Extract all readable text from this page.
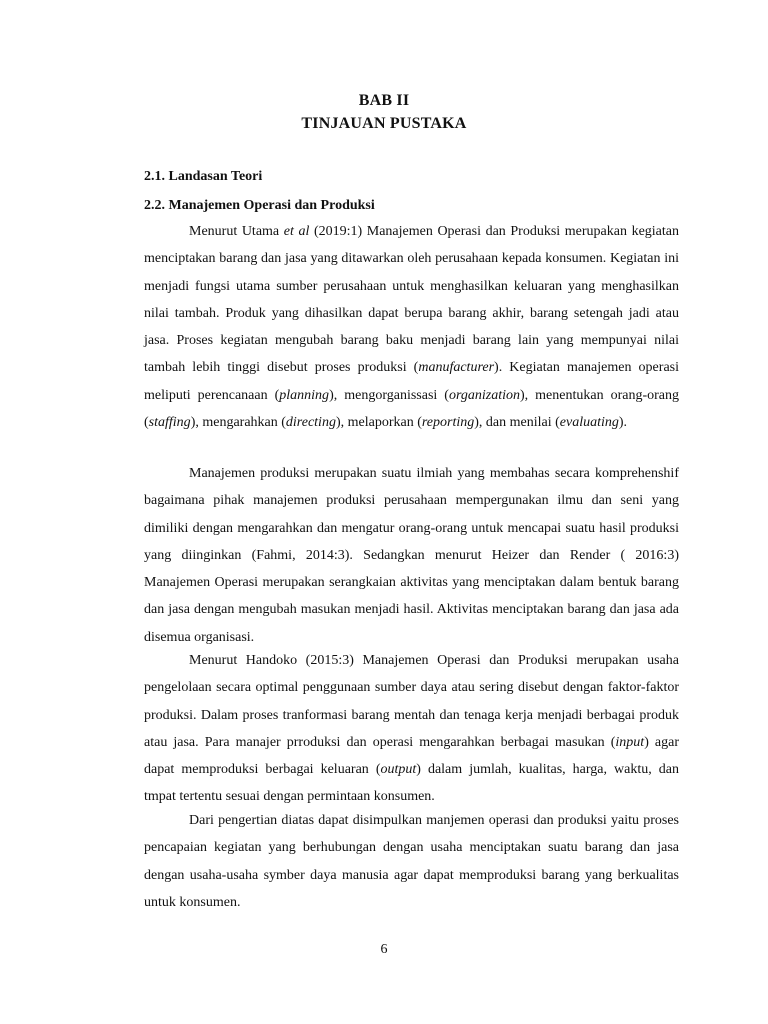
BAB II
TINJAUAN PUSTAKA
2.1. Landasan Teori
2.2. Manajemen Operasi dan Produksi

Menurut Utama et al (2019:1) Manajemen Operasi dan Produksi merupakan kegiatan menciptakan barang dan jasa yang ditawarkan oleh perusahaan kepada konsumen. Kegiatan ini menjadi fungsi utama sumber perusahaan untuk menghasilkan keluaran yang menghasilkan nilai tambah. Produk yang dihasilkan dapat berupa barang akhir, barang setengah jadi atau jasa. Proses kegiatan mengubah barang baku menjadi barang lain yang mempunyai nilai tambah lebih tinggi disebut proses produksi (manufacturer). Kegiatan manajemen operasi meliputi perencanaan (planning), mengorganissasi (organization), menentukan orang-orang (staffing), mengarahkan (directing), melaporkan (reporting), dan menilai (evaluating).

Manajemen produksi merupakan suatu ilmiah yang membahas secara komprehenshif bagaimana pihak manajemen produksi perusahaan mempergunakan ilmu dan seni yang dimiliki dengan mengarahkan dan mengatur orang-orang untuk mencapai suatu hasil produksi yang diinginkan (Fahmi, 2014:3). Sedangkan menurut Heizer dan Render ( 2016:3) Manajemen Operasi merupakan serangkaian aktivitas yang menciptakan dalam bentuk barang dan jasa dengan mengubah masukan menjadi hasil. Aktivitas menciptakan barang dan jasa ada disemua organisasi.

Menurut Handoko (2015:3) Manajemen Operasi dan Produksi merupakan usaha pengelolaan secara optimal penggunaan sumber daya atau sering disebut dengan faktor-faktor produksi. Dalam proses tranformasi barang mentah dan tenaga kerja menjadi berbagai produk atau jasa. Para manajer prroduksi dan operasi mengarahkan berbagai masukan (input) agar dapat memproduksi berbagai keluaran (output) dalam jumlah, kualitas, harga, waktu, dan tmpat tertentu sesuai dengan permintaan konsumen.

Dari pengertian diatas dapat disimpulkan manjemen operasi dan produksi yaitu proses pencapaian kegiatan yang berhubungan dengan usaha menciptakan suatu barang dan jasa dengan usaha-usaha symber daya manusia agar dapat memproduksi barang yang berkualitas untuk konsumen.

6
